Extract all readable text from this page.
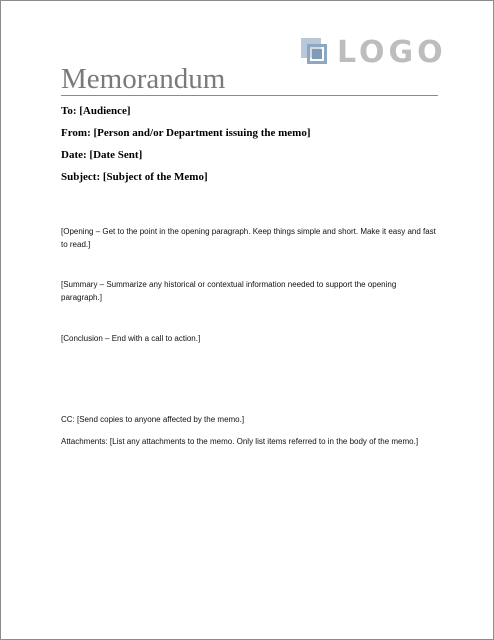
LOGO
Memorandum
To: [Audience]
From: [Person and/or Department issuing the memo]
Date: [Date Sent]
Subject: [Subject of the Memo]
[Opening – Get to the point in the opening paragraph. Keep things simple and short. Make it easy and fast to read.]
[Summary – Summarize any historical or contextual information needed to support the opening paragraph.]
[Conclusion – End with a call to action.]
CC: [Send copies to anyone affected by the memo.]
Attachments: [List any attachments to the memo. Only list items referred to in the body of the memo.]
